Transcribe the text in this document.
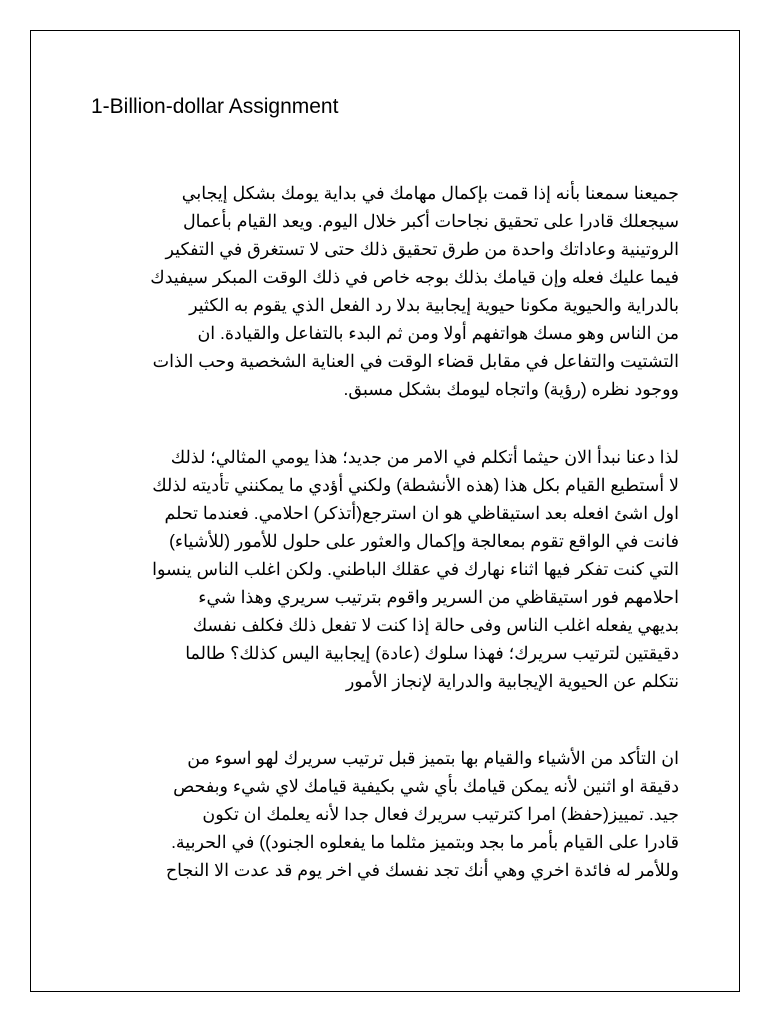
1-Billion-dollar Assignment
جميعنا سمعنا بأنه إذا قمت بإكمال مهامك في بداية يومك بشكل إيجابي
سيجعلك قادرا على تحقيق نجاحات أكبر خلال اليوم. ويعد القيام بأعمال
الروتينية وعاداتك واحدة من طرق تحقيق ذلك حتى لا تستغرق في التفكير
فيما عليك فعله وإن قيامك بذلك بوجه خاص في ذلك الوقت المبكر سيفيدك
بالدراية والحيوية مكونا حيوية إيجابية بدلا رد الفعل الذي يقوم به الكثير
من الناس وهو مسك هواتفهم أولا ومن ثم البدء بالتفاعل والقيادة. ان
التشتيت والتفاعل في مقابل قضاء الوقت في العناية الشخصية وحب الذات
ووجود نظره (رؤية) واتجاه ليومك بشكل مسبق.
لذا دعنا نبدأ الان حيثما أتكلم في الامر من جديد؛ هذا يومي المثالي؛ لذلك
لا أستطيع القيام بكل هذا (هذه الأنشطة) ولكني أؤدي ما يمكنني تأديته لذلك
اول اشئ افعله بعد استيقاظي هو ان استرجع(أتذكر) احلامي. فعندما تحلم
فانت في الواقع تقوم بمعالجة وإكمال والعثور على حلول للأمور (للأشياء)
التي كنت تفكر فيها اثناء نهارك في عقلك الباطني. ولكن اغلب الناس ينسوا
احلامهم فور استيقاظي من السرير واقوم بترتيب سريري وهذا شيء
بديهي يفعله اغلب الناس وفى حالة إذا كنت لا تفعل ذلك فكلف نفسك
دقيقتين لترتيب سريرك؛ فهذا سلوك (عادة) إيجابية اليس كذلك؟ طالما
نتكلم عن الحيوية الإيجابية والدراية لإنجاز الأمور
ان التأكد من الأشياء والقيام بها بتميز قبل ترتيب سريرك لهو اسوء من
دقيقة او اثنين لأنه يمكن قيامك بأي شي بكيفية قيامك لاي شيء وبفحص
جيد. تمييز(حفظ) امرا كترتيب سريرك فعال جدا لأنه يعلمك ان تكون
قادرا على القيام بأمر ما بجد وبتميز مثلما ما يفعلوه الجنود)) في الحربية.
وللأمر له فائدة اخري وهي أنك تجد نفسك في اخر يوم قد عدت الا النجاح
